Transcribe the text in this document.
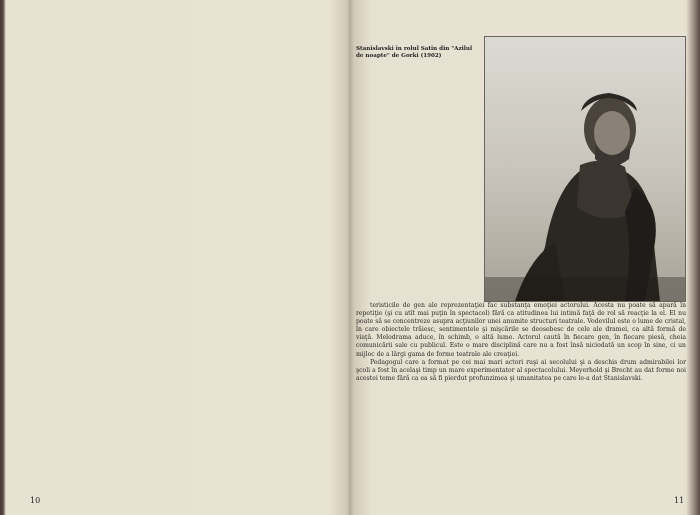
10
Stanislavski în rolul Satin din "Azilul de noapte" de Gorki (1902)

teristicile de gen ale reprezentaţiei fac substanţa emoţiei actorului. Acesta nu poate să apară în repetiţie (şi cu atît mai puţin în spectacol) fără ca atitudinea lui intimă faţă de rol să reacţie la el. El nu poate să se concentreze asupra acţiunilor unei anumite structuri teatrale. Vodevilul este o lume de cristal, în care obiectele trăiesc, sentimentele şi mişcările se deosebesc de cele ale dramei, ca altă formă de viaţă. Melodrama aduce, în schimb, o altă lume. Actorul caută în fiecare gen, în fiecare piesă, cheia comunicării sale cu publicul. Este o mare disciplină care nu a fost însă niciodată un scop în sine, ci un mijloc de a lărgi gama de forme teatrale ale creaţiei.

Pedagogul care a format pe cei mai mari actori ruşi ai secolului şi a deschis drum admirabilei lor şcoli a fost în acelaşi timp un mare experimentator al spectacolului. Meyerhold şi Brecht au dat forme noi acestei teme fără ca ea să fi pierdut profunzimea şi umanitatea pe care le-a dat Stanislavski.

11
